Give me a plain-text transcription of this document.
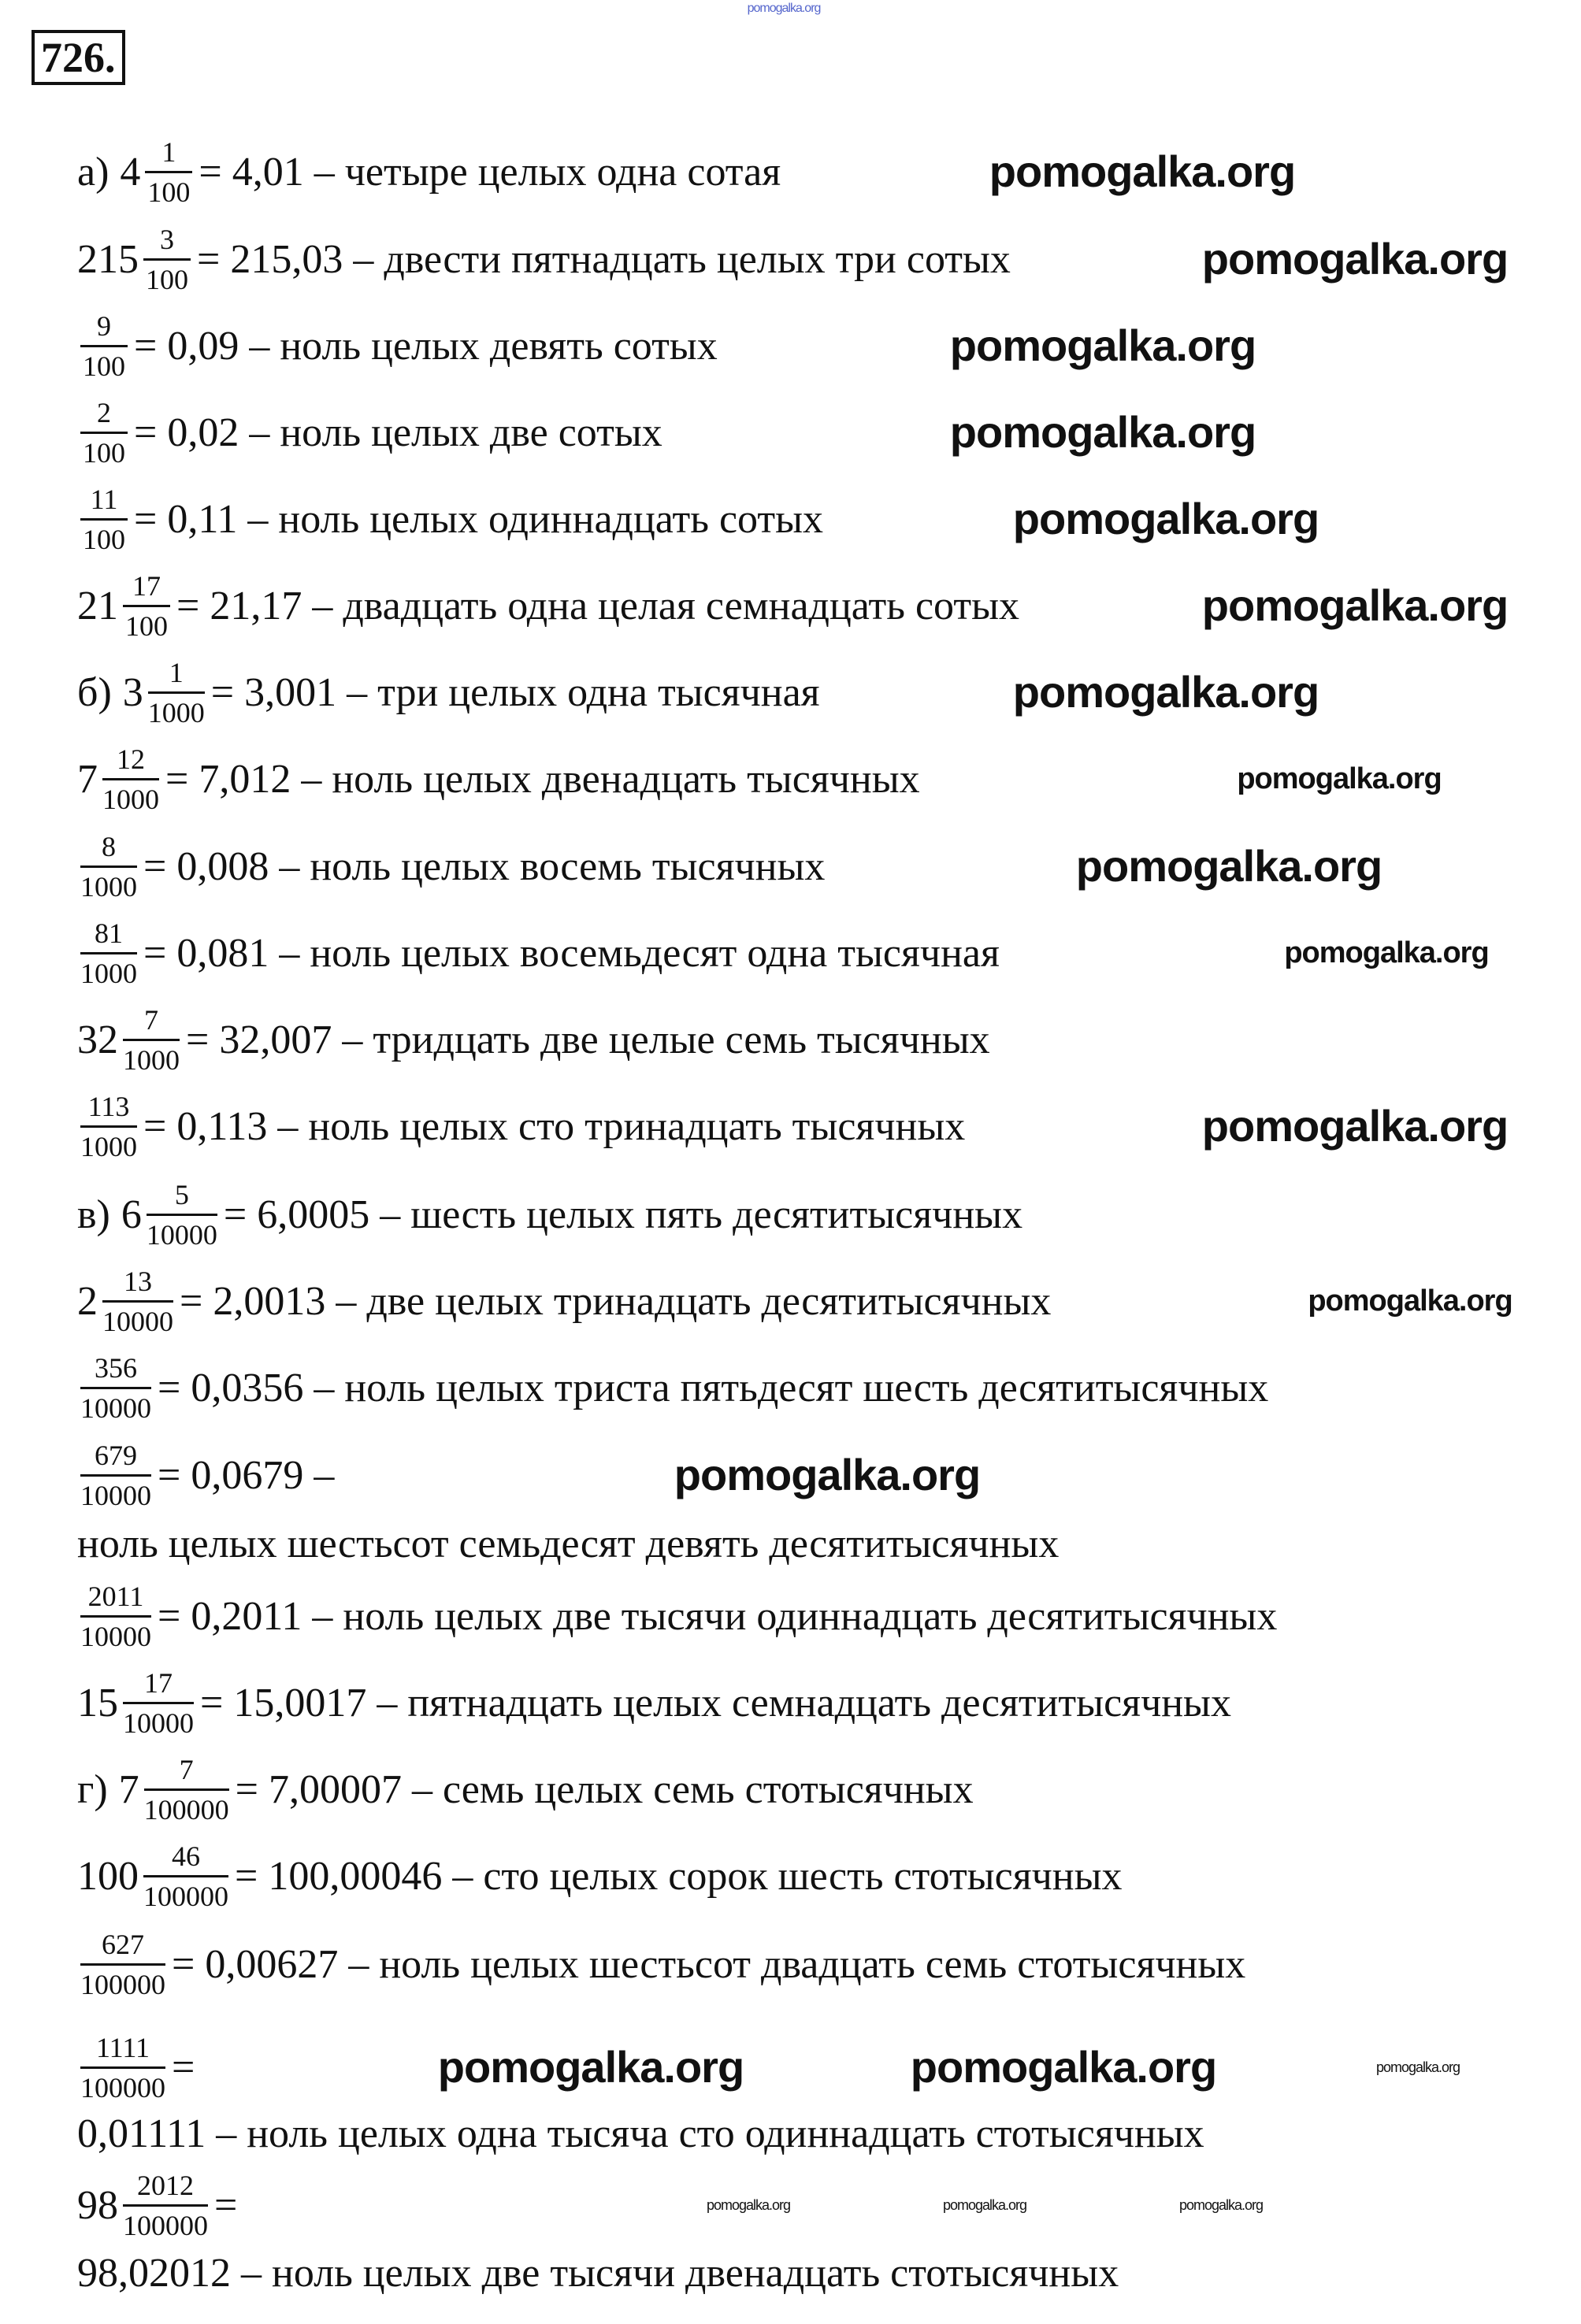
726.
а) $4 \frac{1}{100} = 4,01$ – четыре целых одна сотая
$215 \frac{3}{100} = 215,03$ – двести пятнадцать целых три сотых
$\frac{9}{100} = 0,09$ – ноль целых девять сотых
$\frac{2}{100} = 0,02$ – ноль целых две сотых
$\frac{11}{100} = 0,11$ – ноль целых одиннадцать сотых
$21 \frac{17}{100} = 21,17$ – двадцать одна целая семнадцать сотых
б) $3 \frac{1}{1000} = 3,001$ – три целых одна тысячная
$7 \frac{12}{1000} = 7,012$ – ноль целых двенадцать тысячных
$\frac{8}{1000} = 0,008$ – ноль целых восемь тысячных
$\frac{81}{1000} = 0,081$ – ноль целых восемьдесят одна тысячная
$32 \frac{7}{1000} = 32,007$ – тридцать две целые семь тысячных
$\frac{113}{1000} = 0,113$ – ноль целых сто тринадцать тысячных
в) $6 \frac{5}{10000} = 6,0005$ – шесть целых пять десятитысячных
$2 \frac{13}{10000} = 2,0013$ – две целых тринадцать десятитысячных
$\frac{356}{10000} = 0,0356$ – ноль целых триста пятьдесят шесть десятитысячных
$\frac{679}{10000} = 0,0679$ –
ноль целых шестьсот семьдесят девять десятитысячных
$\frac{2011}{10000} = 0,2011$ – ноль целых две тысячи одиннадцать десятитысячных
$15 \frac{17}{10000} = 15,0017$ – пятнадцать целых семнадцать десятитысячных
г) $7 \frac{7}{100000} = 7,00007$ – семь целых семь стотысячных
$100 \frac{46}{100000} = 100,00046$ – сто целых сорок шесть стотысячных
$\frac{627}{100000} = 0,00627$ – ноль целых шестьсот двадцать семь стотысячных
$\frac{1111}{100000}$ =
0,01111 – ноль целых одна тысяча сто одиннадцать стотысячных
$98 \frac{2012}{100000}$ =
98,02012 – ноль целых две тысячи двенадцать стотысячных
pomogalka.org
pomogalka.org
pomogalka.org
pomogalka.org
pomogalka.org
pomogalka.org
pomogalka.org
pomogalka.org
pomogalka.org
pomogalka.org
pomogalka.org
pomogalka.org
pomogalka.org
pomogalka.org
pomogalka.org	pomogalka.org	pomogalka.org
pomogalka.org	pomogalka.org	pomogalka.org
